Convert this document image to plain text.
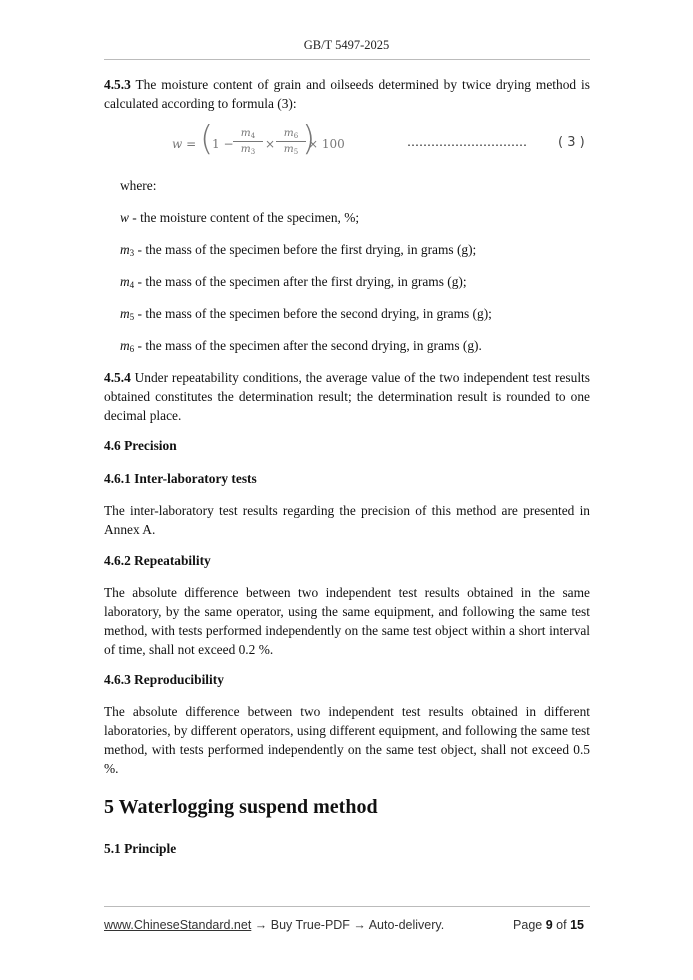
GB/T 5497-2025
4.5.3 The moisture content of grain and oilseeds determined by twice drying method is calculated according to formula (3):
w = (
$1 - \frac{m4}{m3} \times \frac{m6}{m5}$
)
× 100	………………………… ( 3 )
where:
w - the moisture content of the specimen, %;
$m_3$ - the mass of the specimen before the first drying, in grams (g);
$m_4$ - the mass of the specimen after the first drying, in grams (g);
$m_5$ - the mass of the specimen before the second drying, in grams (g);
$m_6$ - the mass of the specimen after the second drying, in grams (g).
4.5.4 Under repeatability conditions, the average value of the two independent test results obtained constitutes the determination result; the determination result is rounded to one decimal place.
4.6 Precision
4.6.1 Inter-laboratory tests
The inter-laboratory test results regarding the precision of this method are presented in Annex A.
4.6.2 Repeatability
The absolute difference between two independent test results obtained in the same laboratory, by the same operator, using the same equipment, and following the same test method, with tests performed independently on the same test object within a short interval of time, shall not exceed 0.2 %.
4.6.3 Reproducibility
The absolute difference between two independent test results obtained in different laboratories, by different operators, using different equipment, and following the same test method, with tests performed independently on the same test object, shall not exceed 0.5 %.
5 Waterlogging suspend method
5.1 Principle
www.ChineseStandard.net → Buy True-PDF → Auto-delivery.	Page 9 of 15
